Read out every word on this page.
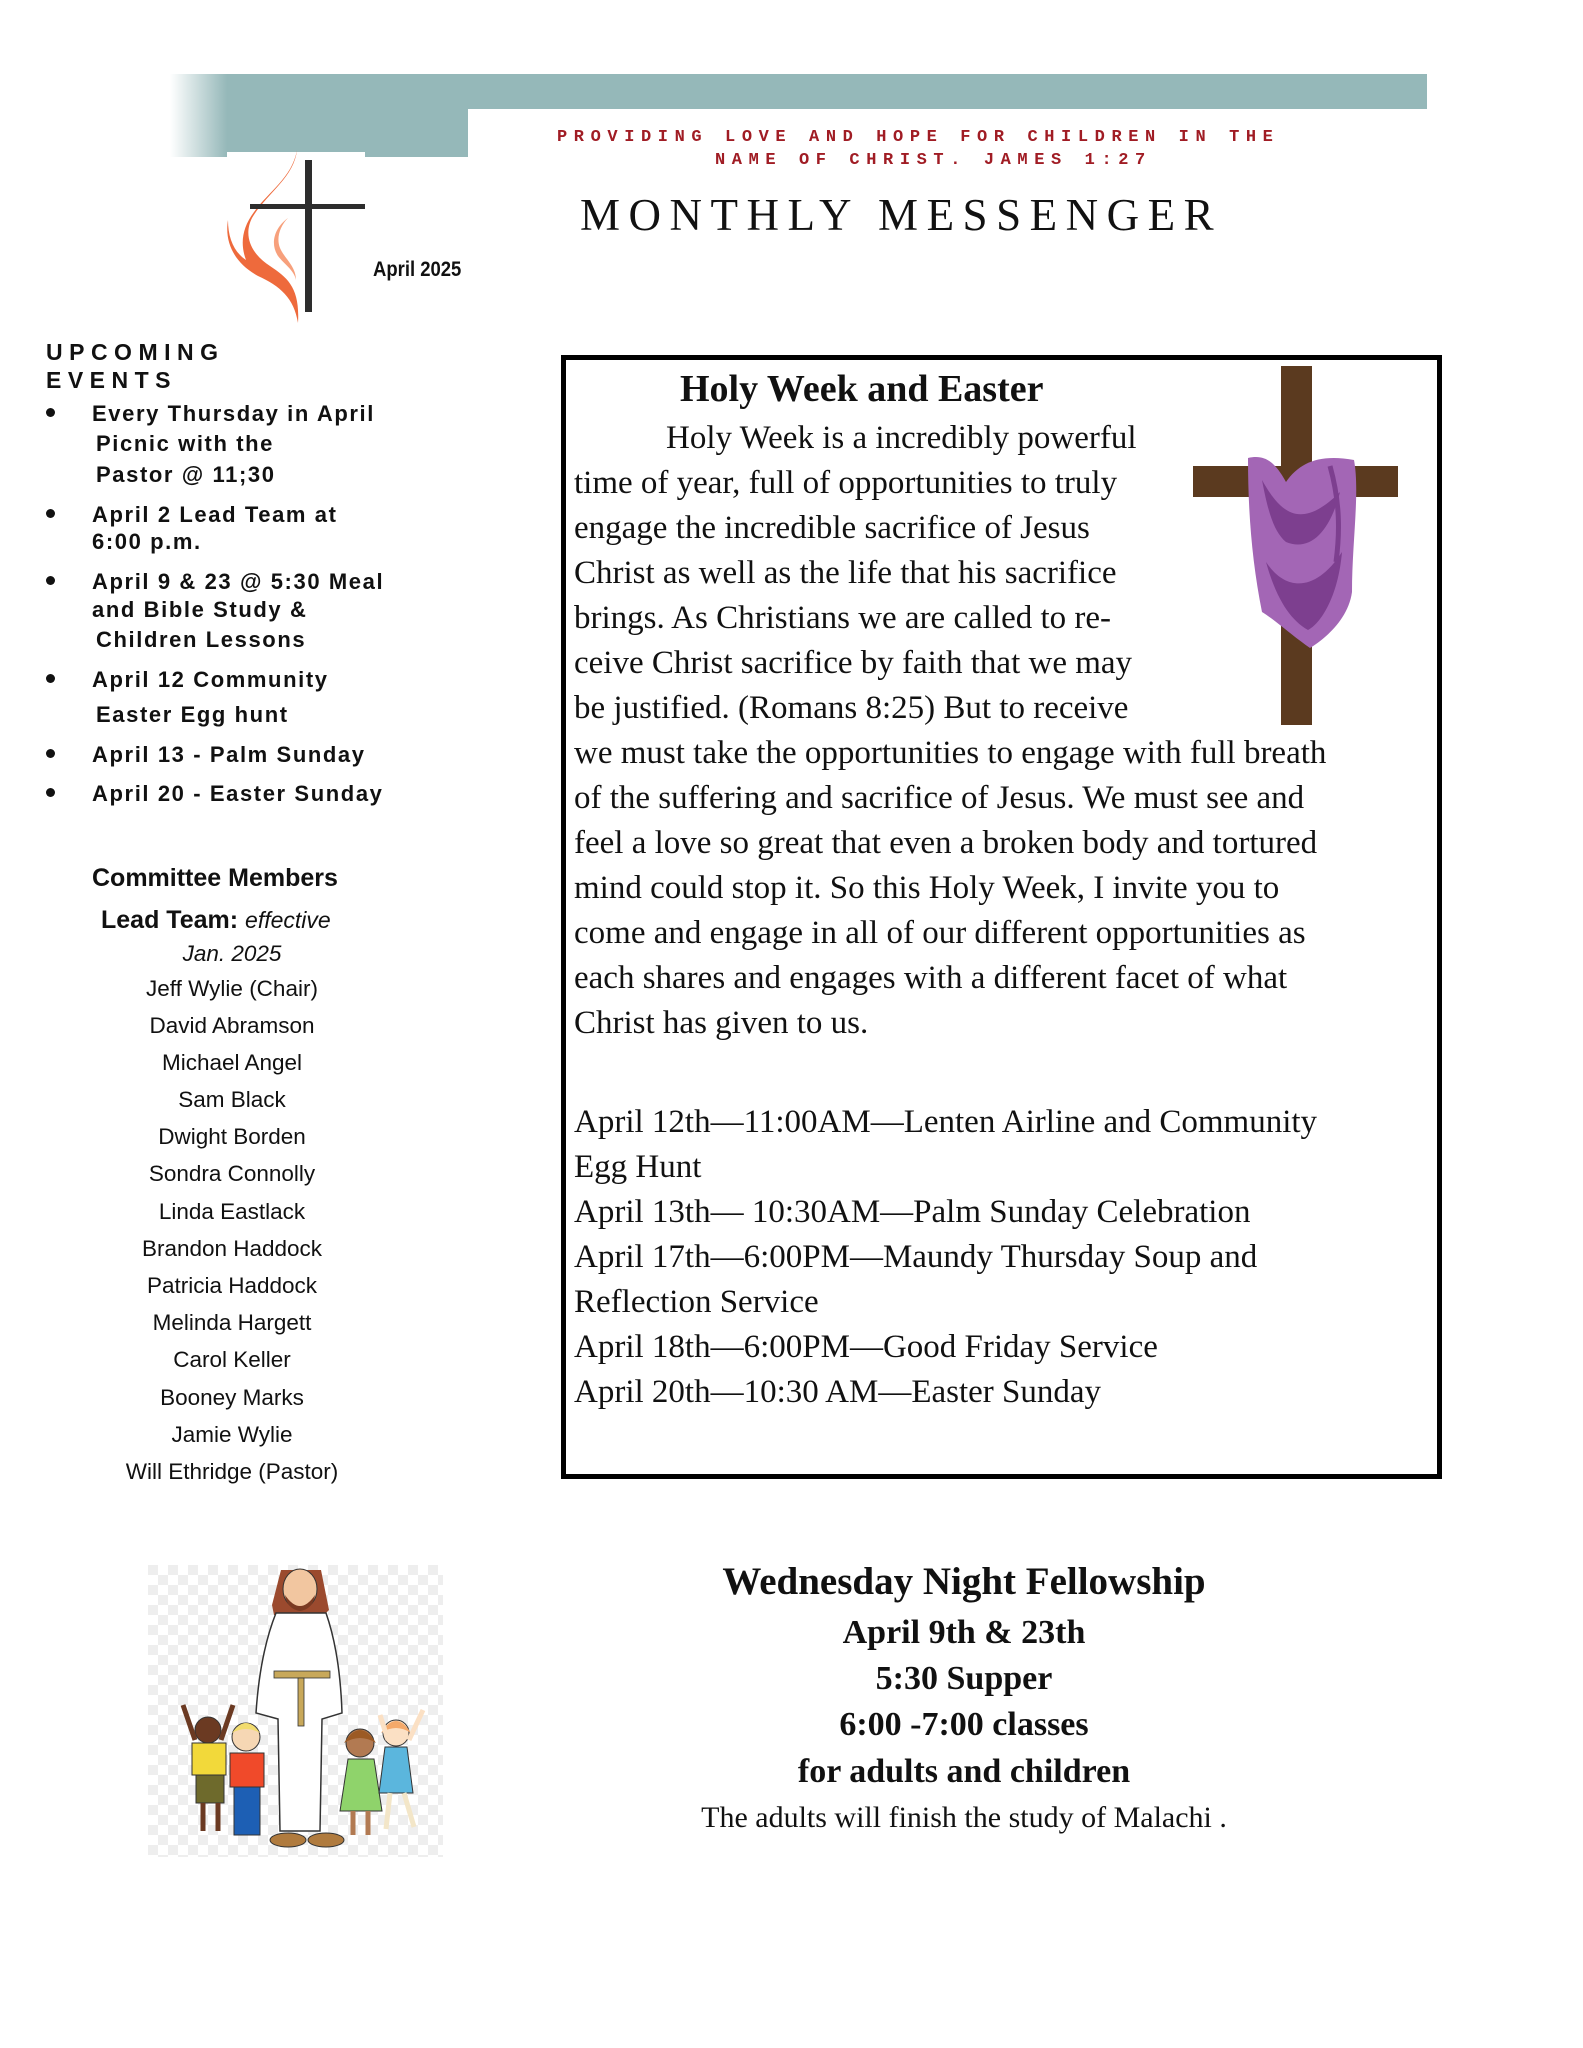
April 2025
PROVIDING LOVE AND HOPE FOR CHILDREN IN THE
NAME OF CHRIST. JAMES 1:27
MONTHLY MESSENGER
UPCOMING
EVENTS
Every Thursday in April
Picnic with the
Pastor @ 11;30
April 2 Lead Team at
6:00 p.m.
April 9 & 23 @ 5:30 Meal
and Bible Study &
Children Lessons
April 12 Community
Easter Egg hunt
April 13 - Palm Sunday
April 20 - Easter Sunday
Committee Members
Lead Team: effective
Jan. 2025
Jeff Wylie (Chair)
David Abramson
Michael Angel
Sam Black
Dwight Borden
Sondra Connolly
Linda Eastlack
Brandon Haddock
Patricia Haddock
Melinda Hargett
Carol Keller
Booney Marks
Jamie Wylie
Will Ethridge (Pastor)
Holy Week and Easter
Holy Week is a incredibly powerful
time of year, full of opportunities to truly
engage the incredible sacrifice of Jesus
Christ as well as the life that his sacrifice
brings. As Christians we are called to re-
ceive Christ sacrifice by faith that we may
be justified. (Romans 8:25) But to receive
we must take the opportunities to engage with full breath
of the suffering and sacrifice of Jesus. We must see and
feel a love so great that even a broken body and tortured
mind could stop it. So this Holy Week, I invite you to
come and engage in all of our different opportunities as
each shares and engages with a different facet of what
Christ has given to us.
April 12th—11:00AM—Lenten Airline and Community
Egg Hunt
April 13th— 10:30AM—Palm Sunday Celebration
April 17th—6:00PM—Maundy Thursday Soup and
Reflection Service
April 18th—6:00PM—Good Friday Service
April 20th—10:30 AM—Easter Sunday
Wednesday Night Fellowship
April 9th & 23th
5:30 Supper
6:00 -7:00 classes
for adults and children
The adults will finish the study of Malachi .
